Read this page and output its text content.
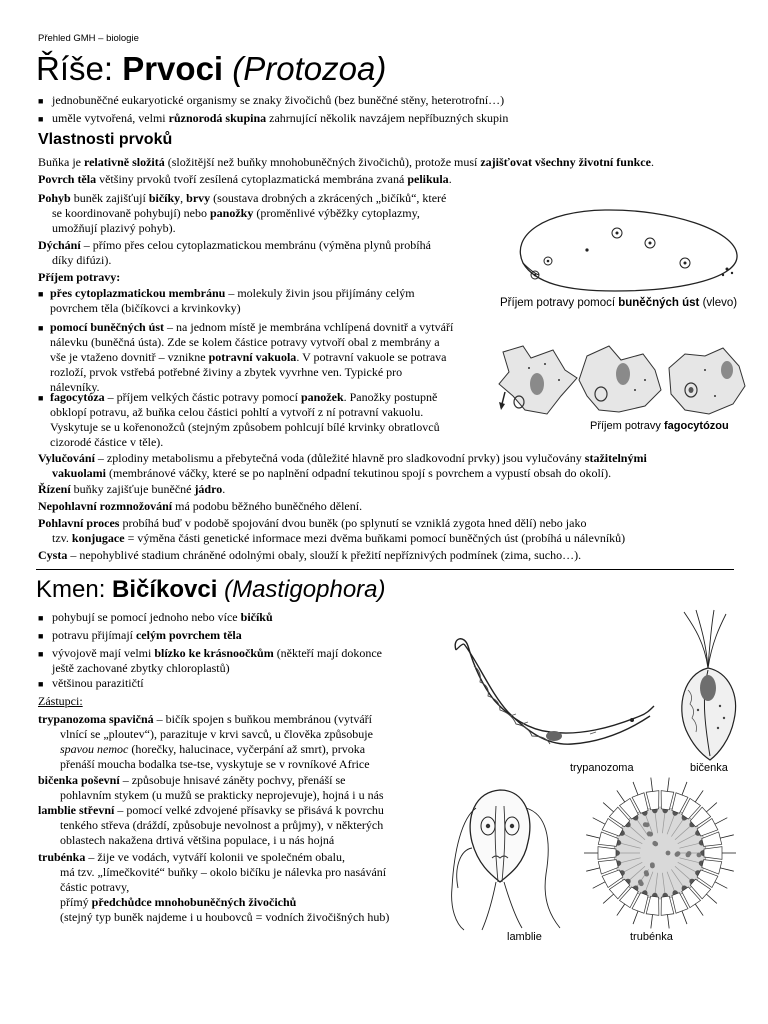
Přehled GMH – biologie
Říše: Prvoci (Protozoa)
■ jednobuněčné eukaryotické organismy se znaky živočichů (bez buněčné stěny, heterotrofní…)
■ uměle vytvořená, velmi různorodá skupina zahrnující několik navzájem nepříbuzných skupin
Vlastnosti prvoků
Buňka je relativně složitá (složitější než buňky mnohobuněčných živočichů), protože musí zajišťovat všechny životní funkce.
Povrch těla většiny prvoků tvoří zesílená cytoplazmatická membrána zvaná pelikula.
Pohyb buněk zajišťují bičíky, brvy (soustava drobných a zkrácených „bičíků“, které
se koordinovaně pohybují) nebo panožky (proměnlivé výběžky cytoplazmy,
umožňují plazivý pohyb).
Dýchání – přímo přes celou cytoplazmatickou membránu (výměna plynů probíhá
díky difúzi).
Příjem potravy:
■ přes cytoplazmatickou membránu – molekuly živin jsou přijímány celým
povrchem těla (bičíkovci a krvinkovky)
■ pomocí buněčných úst – na jednom místě je membrána vchlípená dovnitř a vytváří
nálevku (buněčná ústa). Zde se kolem částice potravy vytvoří obal z membrány a
vše je vtaženo dovnitř – vznikne potravní vakuola. V potravní vakuole se potrava
rozloží, prvok vstřebá potřebné živiny a zbytek vyvrhne ven. Typické pro
nálevníky.
■ fagocytóza – příjem velkých částic potravy pomocí panožek. Panožky postupně
obklopí potravu, až buňka celou částici pohltí a vytvoří z ní potravní vakuolu.
Vyskytuje se u kořenonožců (stejným způsobem pohlcují bílé krvinky obratlovců
cizorodé částice v těle).
Vylučování – zplodiny metabolismu a přebytečná voda (důležité hlavně pro sladkovodní prvky) jsou vylučovány stažitelnými
vakuolami (membránové váčky, které se po naplnění odpadní tekutinou spojí s povrchem a vypustí obsah do okolí).
Řízení buňky zajišťuje buněčné jádro.
Nepohlavní rozmnožování má podobu běžného buněčného dělení.
Pohlavní proces probíhá buď v podobě spojování dvou buněk (po splynutí se vzniklá zygota hned dělí) nebo jako
tzv. konjugace = výměna části genetické informace mezi dvěma buňkami pomocí buněčných úst (probíhá u nálevníků)
Cysta – nepohyblivé stadium chráněné odolnými obaly, slouží k přežití nepříznivých podmínek (zima, sucho…).
Příjem potravy pomocí buněčných úst (vlevo)
Příjem potravy fagocytózou
Kmen: Bičíkovci (Mastigophora)
■ pohybují se pomocí jednoho nebo více bičíků
■ potravu přijímají celým povrchem těla
■ vývojově mají velmi blízko ke krásnoočkům (někteří mají dokonce
ještě zachované zbytky chloroplastů)
■ většinou parazitičtí
Zástupci:
trypanozoma spavičná – bičík spojen s buňkou membránou (vytváří
vlnící se „ploutev“), parazituje v krvi savců, u člověka způsobuje
spavou nemoc (horečky, halucinace, vyčerpání až smrt), prvoka
přenáší moucha bodalka tse-tse, vyskytuje se v rovníkové Africe
bičenka poševní – způsobuje hnisavé záněty pochvy, přenáší se
pohlavním stykem (u mužů se prakticky neprojevuje), hojná i u nás
lamblie střevní – pomocí velké zdvojené přísavky se přisává k povrchu
tenkého střeva (dráždí, způsobuje nevolnost a průjmy), v některých
oblastech nakažena drtivá většina populace, i u nás hojná
trubénka – žije ve vodách, vytváří kolonii ve společném obalu,
má tzv. „límečkovité“ buňky – okolo bičíku je nálevka pro nasávání
částic potravy,
přímý předchůdce mnohobuněčných živočichů
(stejný typ buněk najdeme i u houbovců = vodních živočišných hub)
trypanozoma	bičenka
lamblie	trubénka
